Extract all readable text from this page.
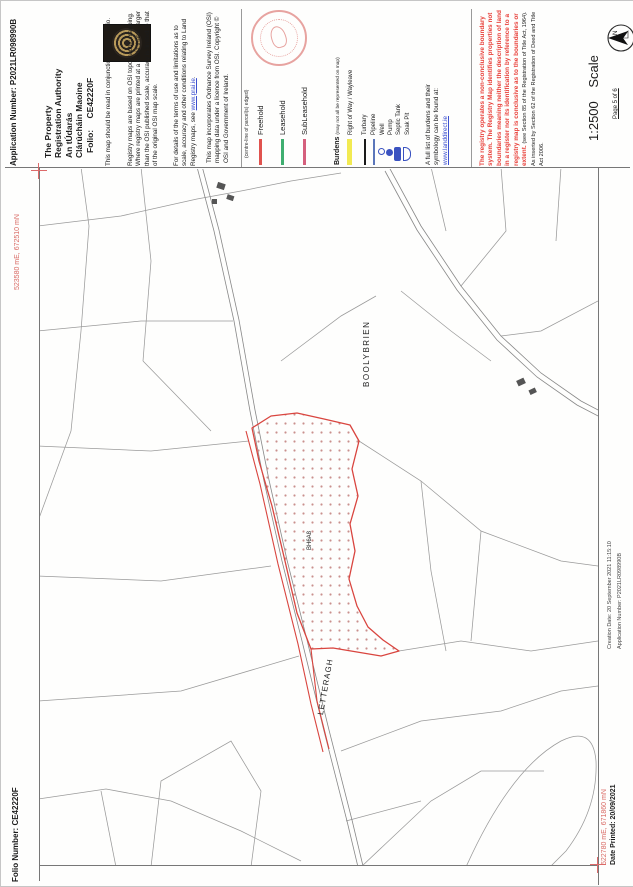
Application Number: P2021LR098990B	The Property Registration Authority An tÚdarás Clárúcháin Maoine Folio: CE42220F This map should be read in conjunction with the folio. Registry maps are based on OSI topographic mapping. Where registry maps are printed at a scale that is larger than the OSI published scale, accuracy is limited to that of the original OSI map scale. For details of the terms of use and limitations as to scale, accuracy and other conditions relating to Land Registry maps, see www.prai.ie. This map incorporates Ordnance Survey Ireland (OSI) mapping data under a licence from OSI. Copyright © OSI and Government of Ireland.	(centre-line of parcel(s) edged) Freehold Leasehold SubLeasehold
Burdens (may not all be represented on map) Right of Way / Wayleave	Turbary Pipeline Well Pump Septic Tank Soak Pit	A full list of burdens and their symbology can be found at: www.landdirect.ie	The registry operates a non-conclusive boundary system. The Registry Map identifies properties not boundaries meaning neither the description of land in a register nor its identification by reference to a registry map is conclusive as to the boundaries or extent. (see Section 85 of the Registration of Title Act, 1964). As inserted by Section 62 of the Registration of Deed and Title Act 2006.
1:2500 Scale
N
Page 5 of 6
BOOLYBRIEN
BH6A8
LETTERAGH
523580 mE, 672510 mN
Folio Number: CE42220F	522780 mE, 671860 mN Date Printed: 20/09/2021
Creation Date: 20 September 2021 11:15:10 Application Number: P2021LR098990B
